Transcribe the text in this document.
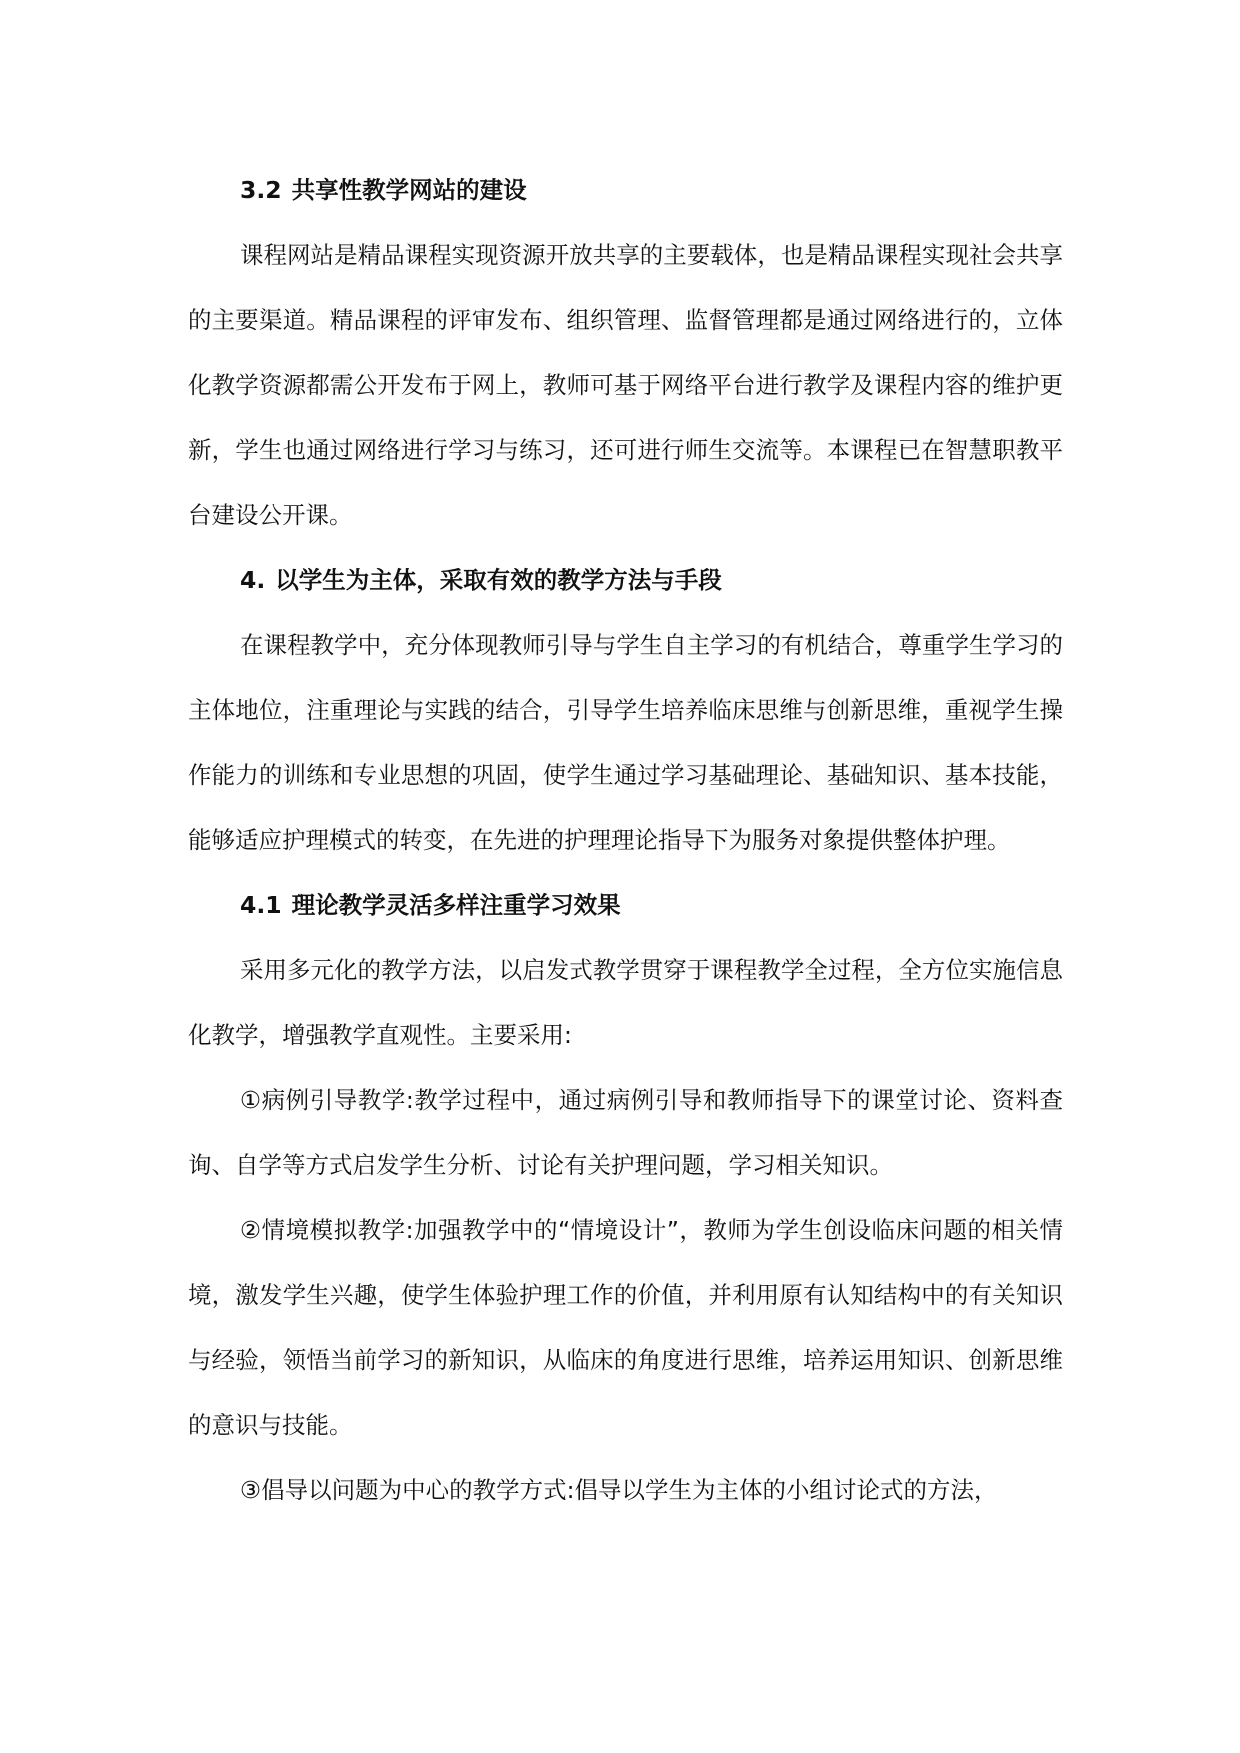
3.2 共享性教学网站的建设

课程网站是精品课程实现资源开放共享的主要载体，也是精品课程实现社会共享的主要渠道。精品课程的评审发布、组织管理、监督管理都是通过网络进行的，立体化教学资源都需公开发布于网上，教师可基于网络平台进行教学及课程内容的维护更新，学生也通过网络进行学习与练习，还可进行师生交流等。本课程已在智慧职教平台建设公开课。

4. 以学生为主体，采取有效的教学方法与手段

在课程教学中，充分体现教师引导与学生自主学习的有机结合，尊重学生学习的主体地位，注重理论与实践的结合，引导学生培养临床思维与创新思维，重视学生操作能力的训练和专业思想的巩固，使学生通过学习基础理论、基础知识、基本技能，能够适应护理模式的转变，在先进的护理理论指导下为服务对象提供整体护理。

4.1 理论教学灵活多样注重学习效果

采用多元化的教学方法，以启发式教学贯穿于课程教学全过程，全方位实施信息化教学，增强教学直观性。主要采用:

①病例引导教学:教学过程中，通过病例引导和教师指导下的课堂讨论、资料查询、自学等方式启发学生分析、讨论有关护理问题，学习相关知识。

②情境模拟教学:加强教学中的“情境设计”，教师为学生创设临床问题的相关情境，激发学生兴趣，使学生体验护理工作的价值，并利用原有认知结构中的有关知识与经验，领悟当前学习的新知识，从临床的角度进行思维，培养运用知识、创新思维的意识与技能。

③倡导以问题为中心的教学方式:倡导以学生为主体的小组讨论式的方法，
